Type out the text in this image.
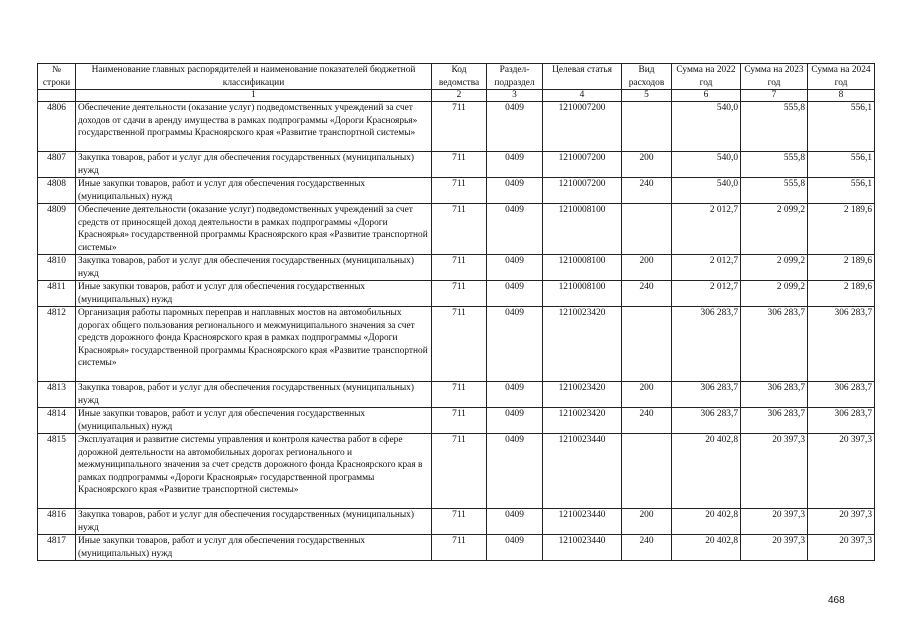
№ строки	Наименование главных распорядителей и наименование показателей бюджетной классификации	Код ведомства	Раздел-подраздел	Целевая статья	Вид расходов	Сумма на 2022 год	Сумма на 2023 год	Сумма на 2024 год
	1	2	3	4	5	6	7	8
4806	Обеспечение деятельности (оказание услуг) подведомственных учреждений за счет доходов от сдачи в аренду имущества в рамках подпрограммы «Дороги Красноярья» государственной программы Красноярского края «Развитие транспортной системы»	711	0409	1210007200		540,0	555,8	556,1
4807	Закупка товаров, работ и услуг для обеспечения государственных (муниципальных) нужд	711	0409	1210007200	200	540,0	555,8	556,1
4808	Иные закупки товаров, работ и услуг для обеспечения государственных (муниципальных) нужд	711	0409	1210007200	240	540,0	555,8	556,1
4809	Обеспечение деятельности (оказание услуг) подведомственных учреждений за счет средств от приносящей доход деятельности в рамках подпрограммы «Дороги Красноярья» государственной программы Красноярского края «Развитие транспортной системы»	711	0409	1210008100		2 012,7	2 099,2	2 189,6
4810	Закупка товаров, работ и услуг для обеспечения государственных (муниципальных) нужд	711	0409	1210008100	200	2 012,7	2 099,2	2 189,6
4811	Иные закупки товаров, работ и услуг для обеспечения государственных (муниципальных) нужд	711	0409	1210008100	240	2 012,7	2 099,2	2 189,6
4812	Организация работы паромных переправ и наплавных мостов на автомобильных дорогах общего пользования регионального и межмуниципального значения за счет средств дорожного фонда Красноярского края в рамках подпрограммы «Дороги Красноярья» государственной программы Красноярского края «Развитие транспортной системы»	711	0409	1210023420		306 283,7	306 283,7	306 283,7
4813	Закупка товаров, работ и услуг для обеспечения государственных (муниципальных) нужд	711	0409	1210023420	200	306 283,7	306 283,7	306 283,7
4814	Иные закупки товаров, работ и услуг для обеспечения государственных (муниципальных) нужд	711	0409	1210023420	240	306 283,7	306 283,7	306 283,7
4815	Эксплуатация и развитие системы управления и контроля качества работ в сфере дорожной деятельности на автомобильных дорогах регионального и межмуниципального значения за счет средств дорожного фонда Красноярского края в рамках подпрограммы «Дороги Красноярья» государственной программы Красноярского края «Развитие транспортной системы»	711	0409	1210023440		20 402,8	20 397,3	20 397,3
4816	Закупка товаров, работ и услуг для обеспечения государственных (муниципальных) нужд	711	0409	1210023440	200	20 402,8	20 397,3	20 397,3
4817	Иные закупки товаров, работ и услуг для обеспечения государственных (муниципальных) нужд	711	0409	1210023440	240	20 402,8	20 397,3	20 397,3
468
